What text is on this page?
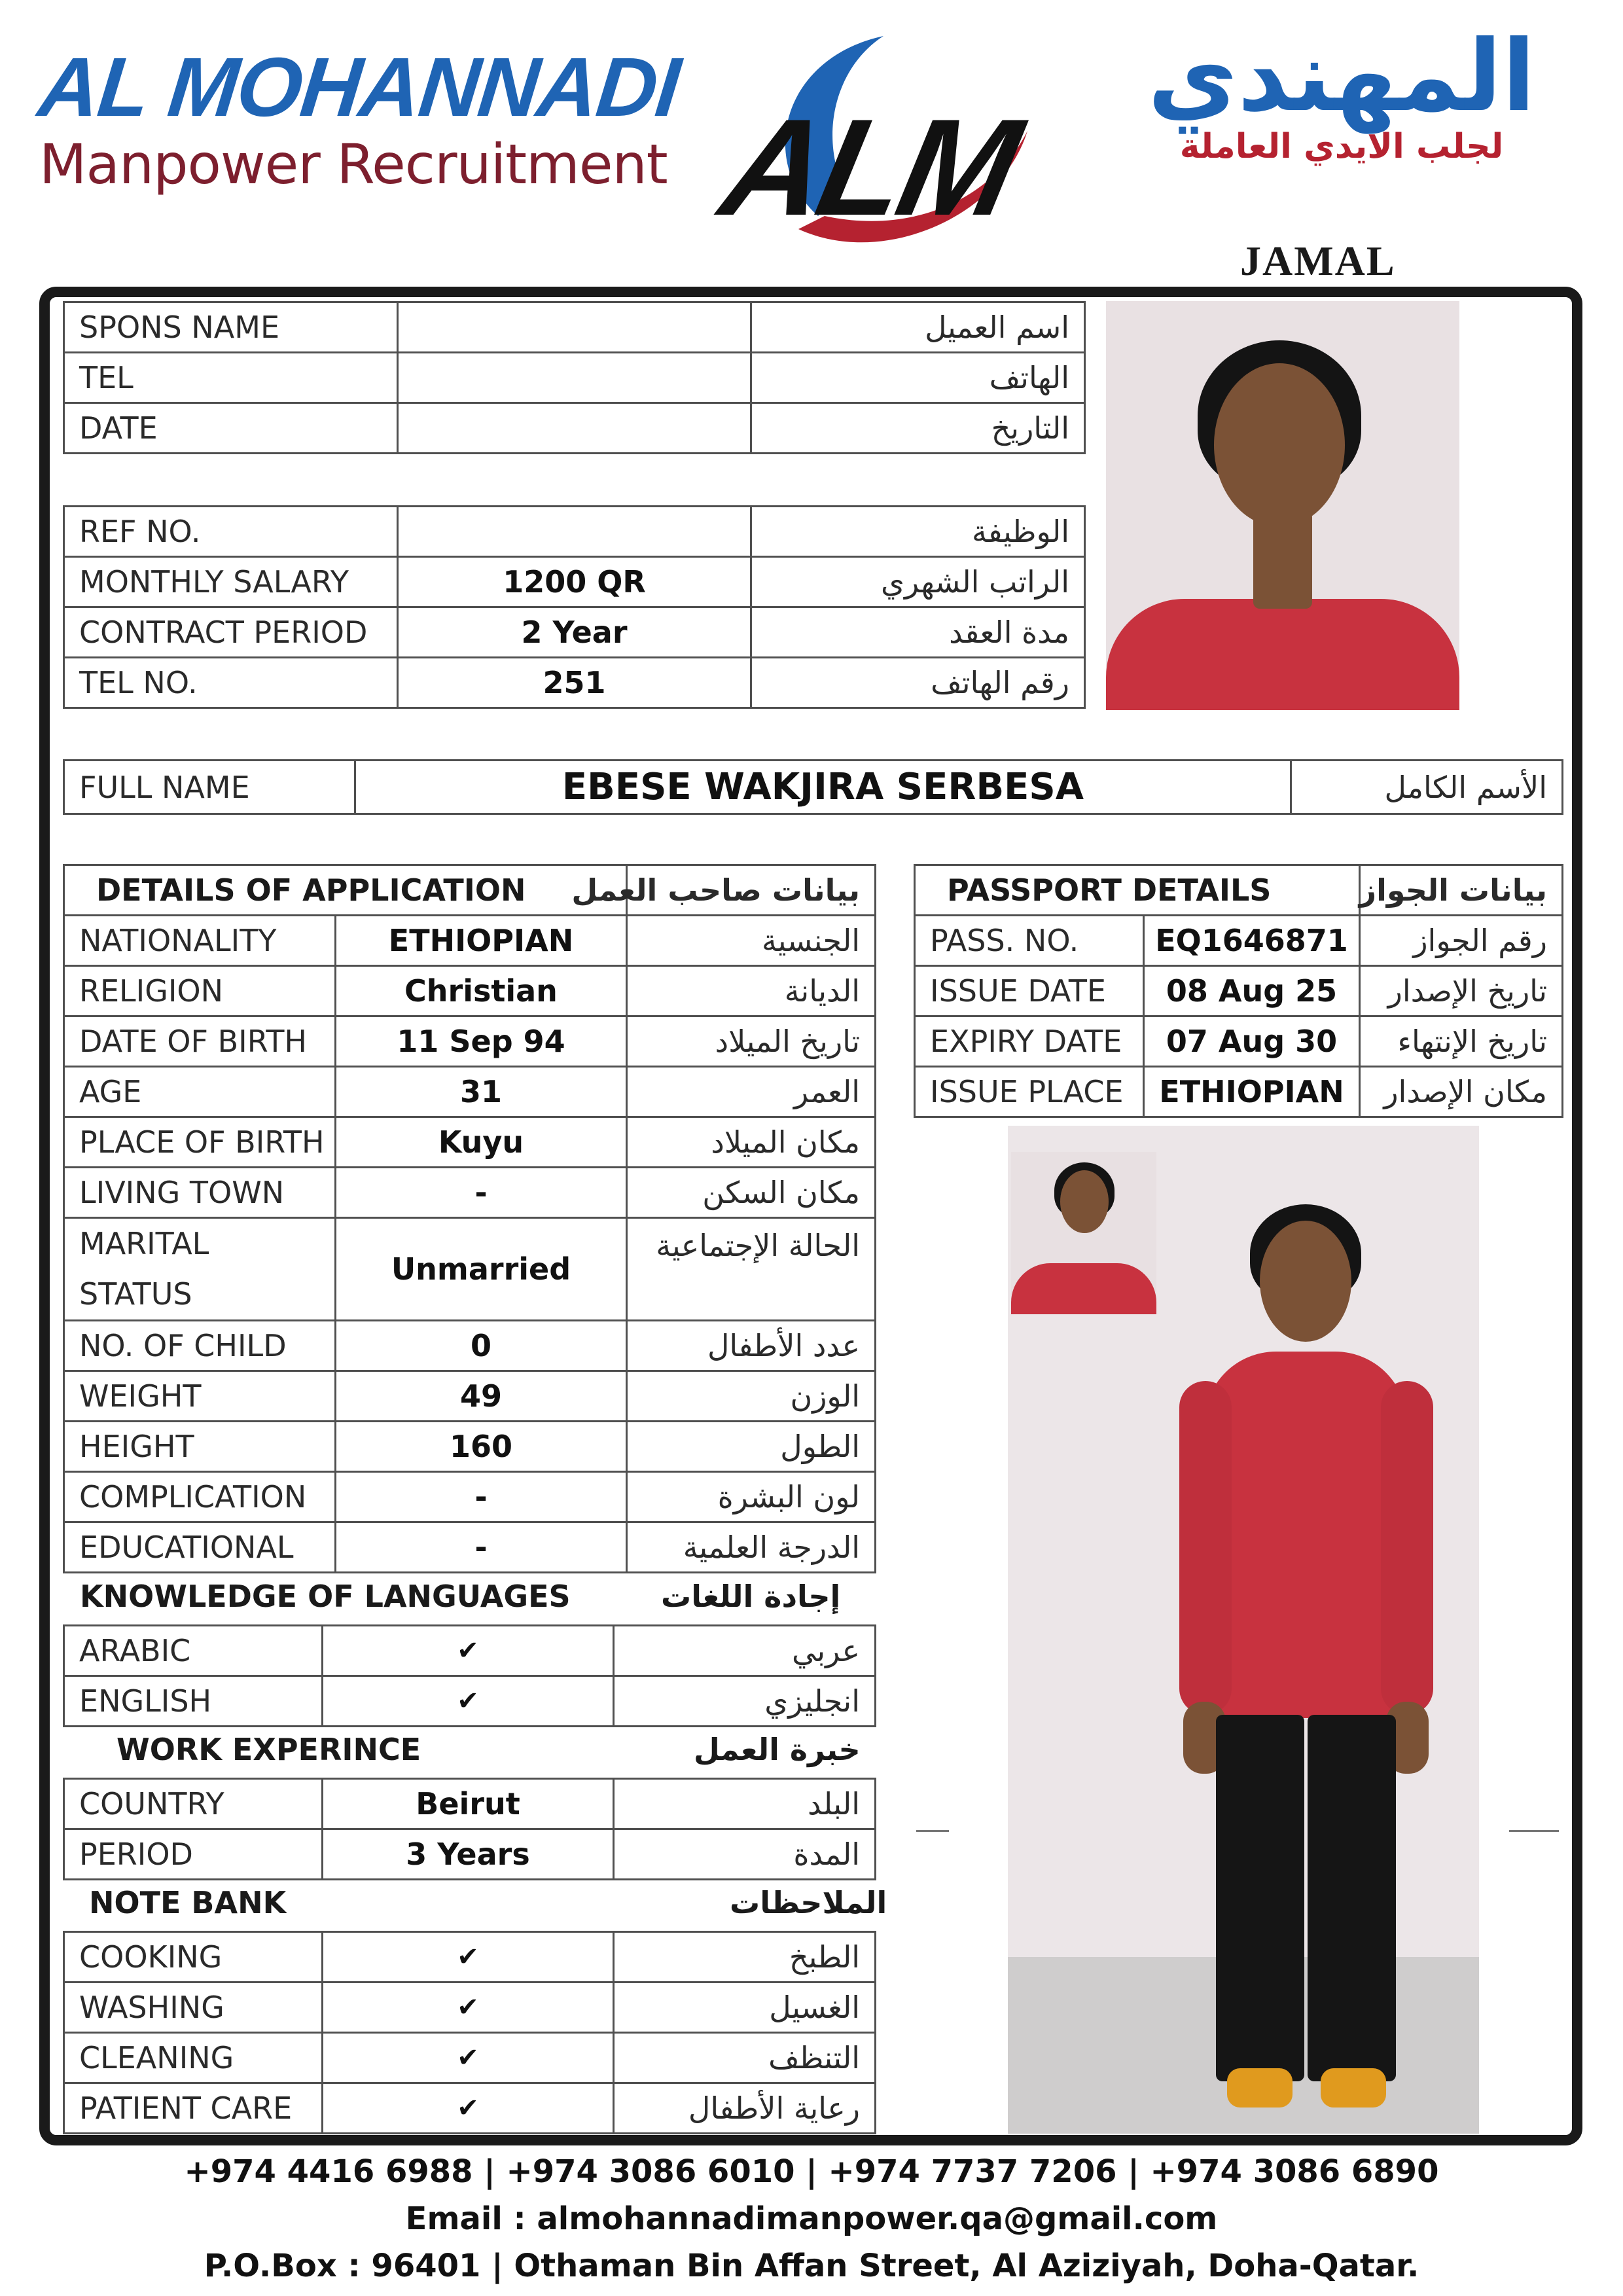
AL MOHANNADI
Manpower Recruitment ALM
المهندي
لجلب الايدي العاملة
JAMAL
SPONS NAME		اسم العميل
TEL		الهاتف
DATE		التاريخ
REF NO.		الوظيفة
MONTHLY SALARY	1200 QR	الراتب الشهري
CONTRACT PERIOD	2 Year	مدة العقد
TEL NO.	251	رقم الهاتف
FULL NAME	EBESE WAKJIRA SERBESA	الأسم الكامل
DETAILS OF APPLICATION		بيانات صاحب العمل
NATIONALITY	ETHIOPIAN	الجنسية
RELIGION	Christian	الديانة
DATE OF BIRTH	11 Sep 94	تاريخ الميلاد
AGE	31	العمر
PLACE OF BIRTH	Kuyu	مكان الميلاد
LIVING TOWN	-	مكان السكن

MARITAL
STATUS	Unmarried	الحالة الإجتماعية
NO. OF CHILD	0	عدد الأطفال
WEIGHT	49	الوزن
HEIGHT	160	الطول
COMPLICATION	-	لون البشرة
EDUCATIONAL	-	الدرجة العلمية
KNOWLEDGE OF LANGUAGES	إجادة اللغات
ARABIC	✔	عربي
ENGLISH	✔	انجليزي
WORK EXPERINCE	خبرة العمل
COUNTRY	Beirut	البلد
PERIOD	3 Years	المدة
NOTE BANK	الملاحظات
COOKING	✔	الطبخ
WASHING	✔	الغسيل
CLEANING	✔	التنظف
PATIENT CARE	✔	رعاية الأطفال
PASSPORT DETAILS		بيانات الجواز
PASS. NO.	EQ1646871	رقم الجواز
ISSUE DATE	08 Aug 25	تاريخ الإصدار
EXPIRY DATE	07 Aug 30	تاريخ الإنتهاء
ISSUE PLACE	ETHIOPIAN	مكان الإصدار
+974 4416 6988 | +974 3086 6010 | +974 7737 7206 | +974 3086 6890
Email : almohannadimanpower.qa@gmail.com
P.O.Box : 96401 | Othaman Bin Affan Street, Al Aziziyah, Doha-Qatar.
